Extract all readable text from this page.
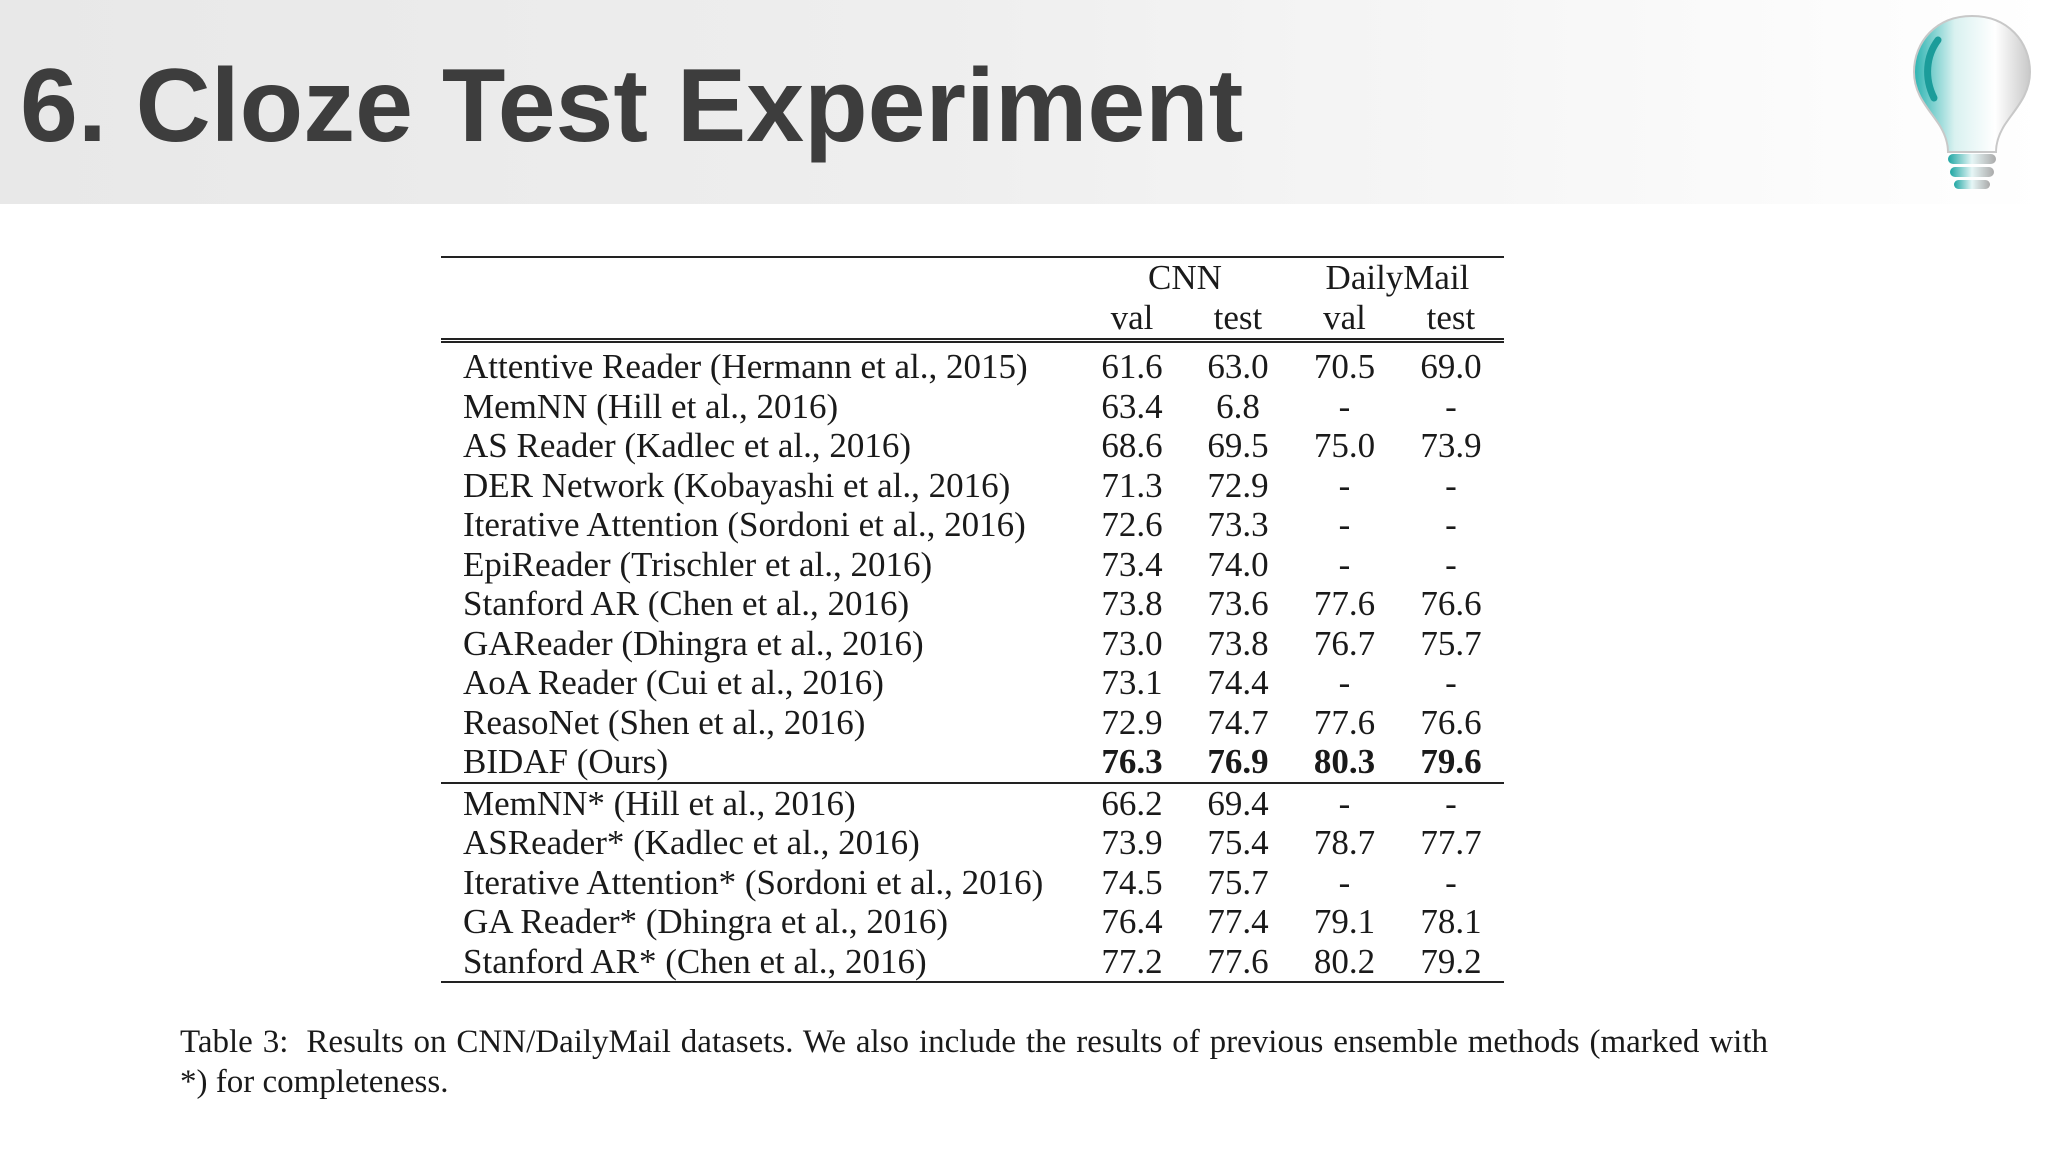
6. Cloze Test Experiment
	CNN		DailyMail	
	val	test	val	test
Attentive Reader (Hermann et al., 2015)	61.6	63.0	70.5	69.0
MemNN (Hill et al., 2016)	63.4	6.8	-	-
AS Reader (Kadlec et al., 2016)	68.6	69.5	75.0	73.9
DER Network (Kobayashi et al., 2016)	71.3	72.9	-	-
Iterative Attention (Sordoni et al., 2016)	72.6	73.3	-	-
EpiReader (Trischler et al., 2016)	73.4	74.0	-	-
Stanford AR (Chen et al., 2016)	73.8	73.6	77.6	76.6
GAReader (Dhingra et al., 2016)	73.0	73.8	76.7	75.7
AoA Reader (Cui et al., 2016)	73.1	74.4	-	-
ReasoNet (Shen et al., 2016)	72.9	74.7	77.6	76.6
BIDAF (Ours)	76.3	76.9	80.3	79.6
MemNN* (Hill et al., 2016)	66.2	69.4	-	-
ASReader* (Kadlec et al., 2016)	73.9	75.4	78.7	77.7
Iterative Attention* (Sordoni et al., 2016)	74.5	75.7	-	-
GA Reader* (Dhingra et al., 2016)	76.4	77.4	79.1	78.1
Stanford AR* (Chen et al., 2016)	77.2	77.6	80.2	79.2

Table 3: Results on CNN/DailyMail datasets. We also include the results of previous ensemble methods (marked with *) for completeness.
